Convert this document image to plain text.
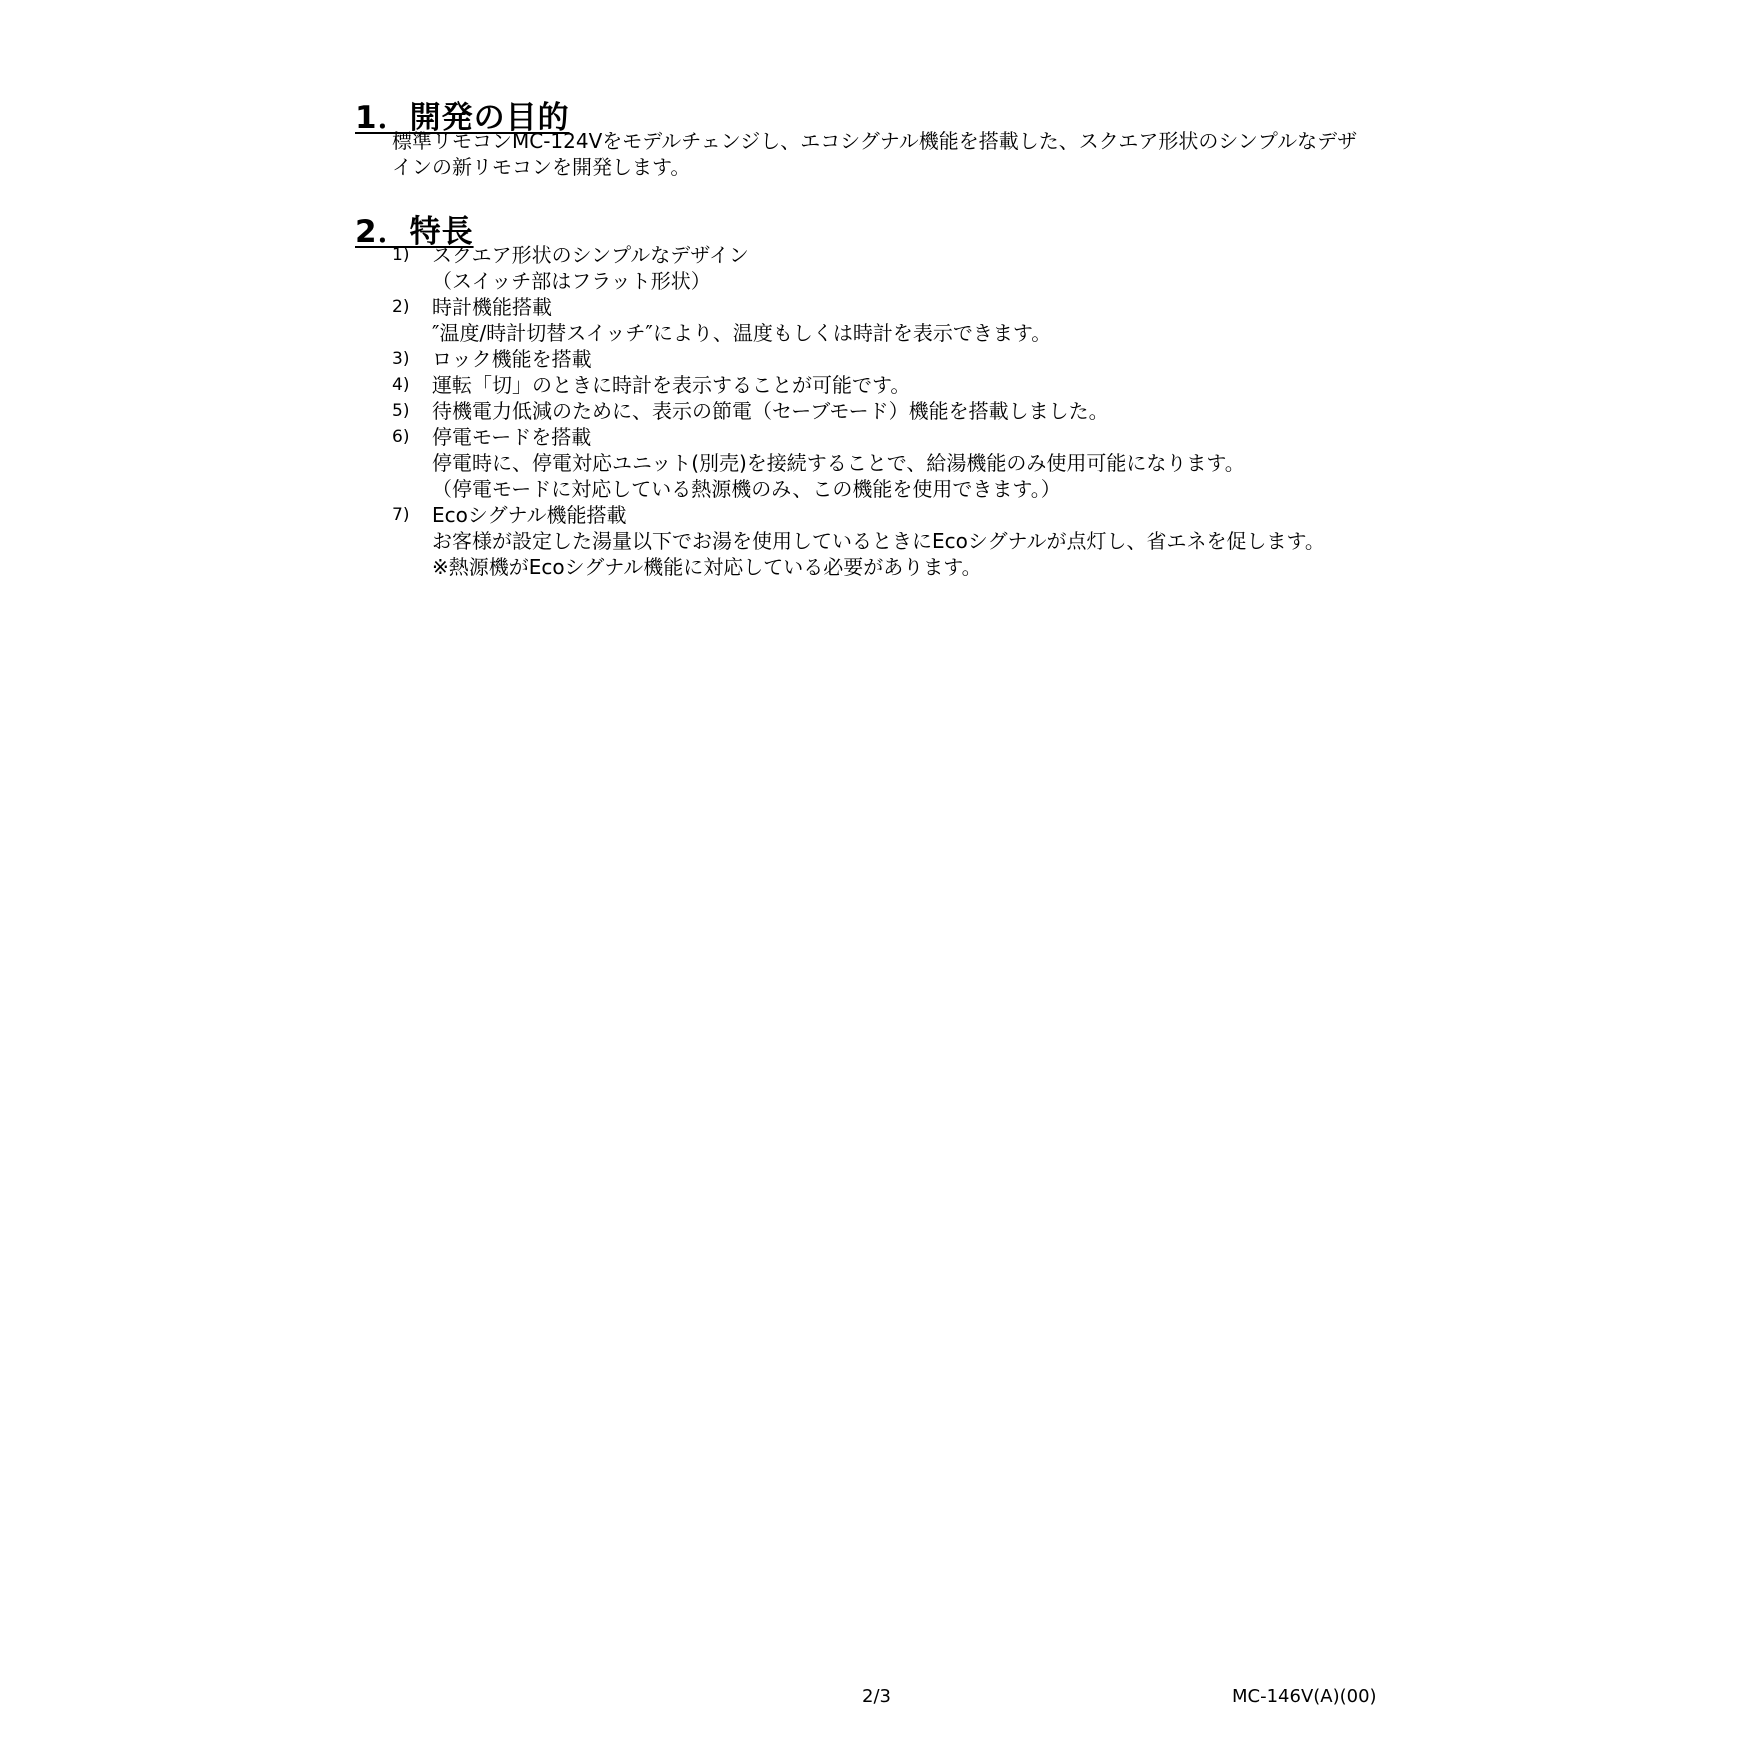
1．開発の目的
標準リモコンMC-124Vをモデルチェンジし、エコシグナル機能を搭載した、スクエア形状のシンプルなデザ
インの新リモコンを開発します。
2．特長
1) スクエア形状のシンプルなデザイン
（スイッチ部はフラット形状）
2) 時計機能搭載
″温度/時計切替スイッチ″により、温度もしくは時計を表示できます。
3) ロック機能を搭載
4) 運転「切」のときに時計を表示することが可能です。
5) 待機電力低減のために、表示の節電（セーブモード）機能を搭載しました。
6) 停電モードを搭載
停電時に、停電対応ユニット(別売)を接続することで、給湯機能のみ使用可能になります。
（停電モードに対応している熱源機のみ、この機能を使用できます。）
7) Ecoシグナル機能搭載
お客様が設定した湯量以下でお湯を使用しているときにEcoシグナルが点灯し、省エネを促します。
※熱源機がEcoシグナル機能に対応している必要があります。
2/3	MC-146V(A)(00)
